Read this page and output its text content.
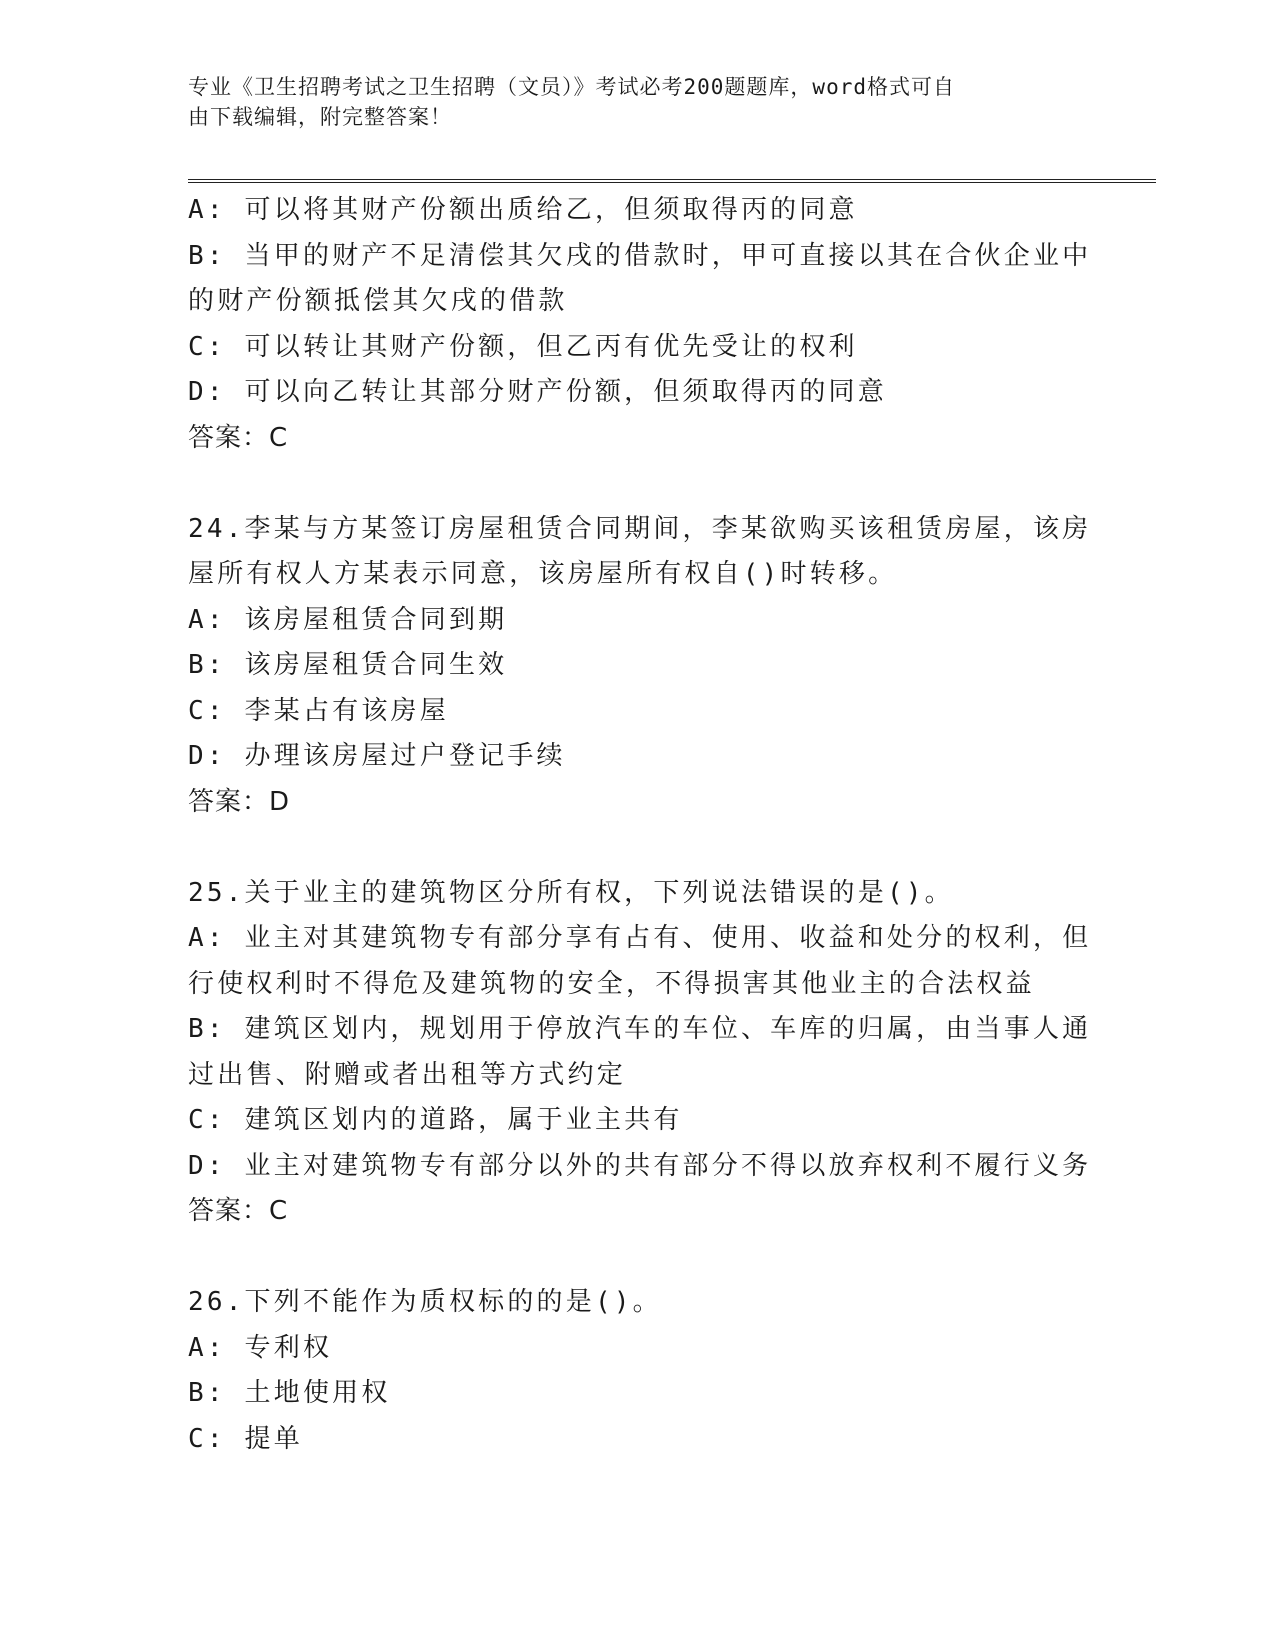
专业《卫生招聘考试之卫生招聘（文员）》考试必考200题题库，word格式可自
由下载编辑，附完整答案！
A: 可以将其财产份额出质给乙，但须取得丙的同意
B: 当甲的财产不足清偿其欠戌的借款时，甲可直接以其在合伙企业中
的财产份额抵偿其欠戌的借款
C: 可以转让其财产份额，但乙丙有优先受让的权利
D: 可以向乙转让其部分财产份额，但须取得丙的同意
答案：C
24.李某与方某签订房屋租赁合同期间，李某欲购买该租赁房屋，该房
屋所有权人方某表示同意，该房屋所有权自()时转移。
A: 该房屋租赁合同到期
B: 该房屋租赁合同生效
C: 李某占有该房屋
D: 办理该房屋过户登记手续
答案：D
25.关于业主的建筑物区分所有权，下列说法错误的是()。
A: 业主对其建筑物专有部分享有占有、使用、收益和处分的权利，但
行使权利时不得危及建筑物的安全，不得损害其他业主的合法权益
B: 建筑区划内，规划用于停放汽车的车位、车库的归属，由当事人通
过出售、附赠或者出租等方式约定
C: 建筑区划内的道路，属于业主共有
D: 业主对建筑物专有部分以外的共有部分不得以放弃权利不履行义务
答案：C
26.下列不能作为质权标的的是()。
A: 专利权
B: 土地使用权
C: 提单
